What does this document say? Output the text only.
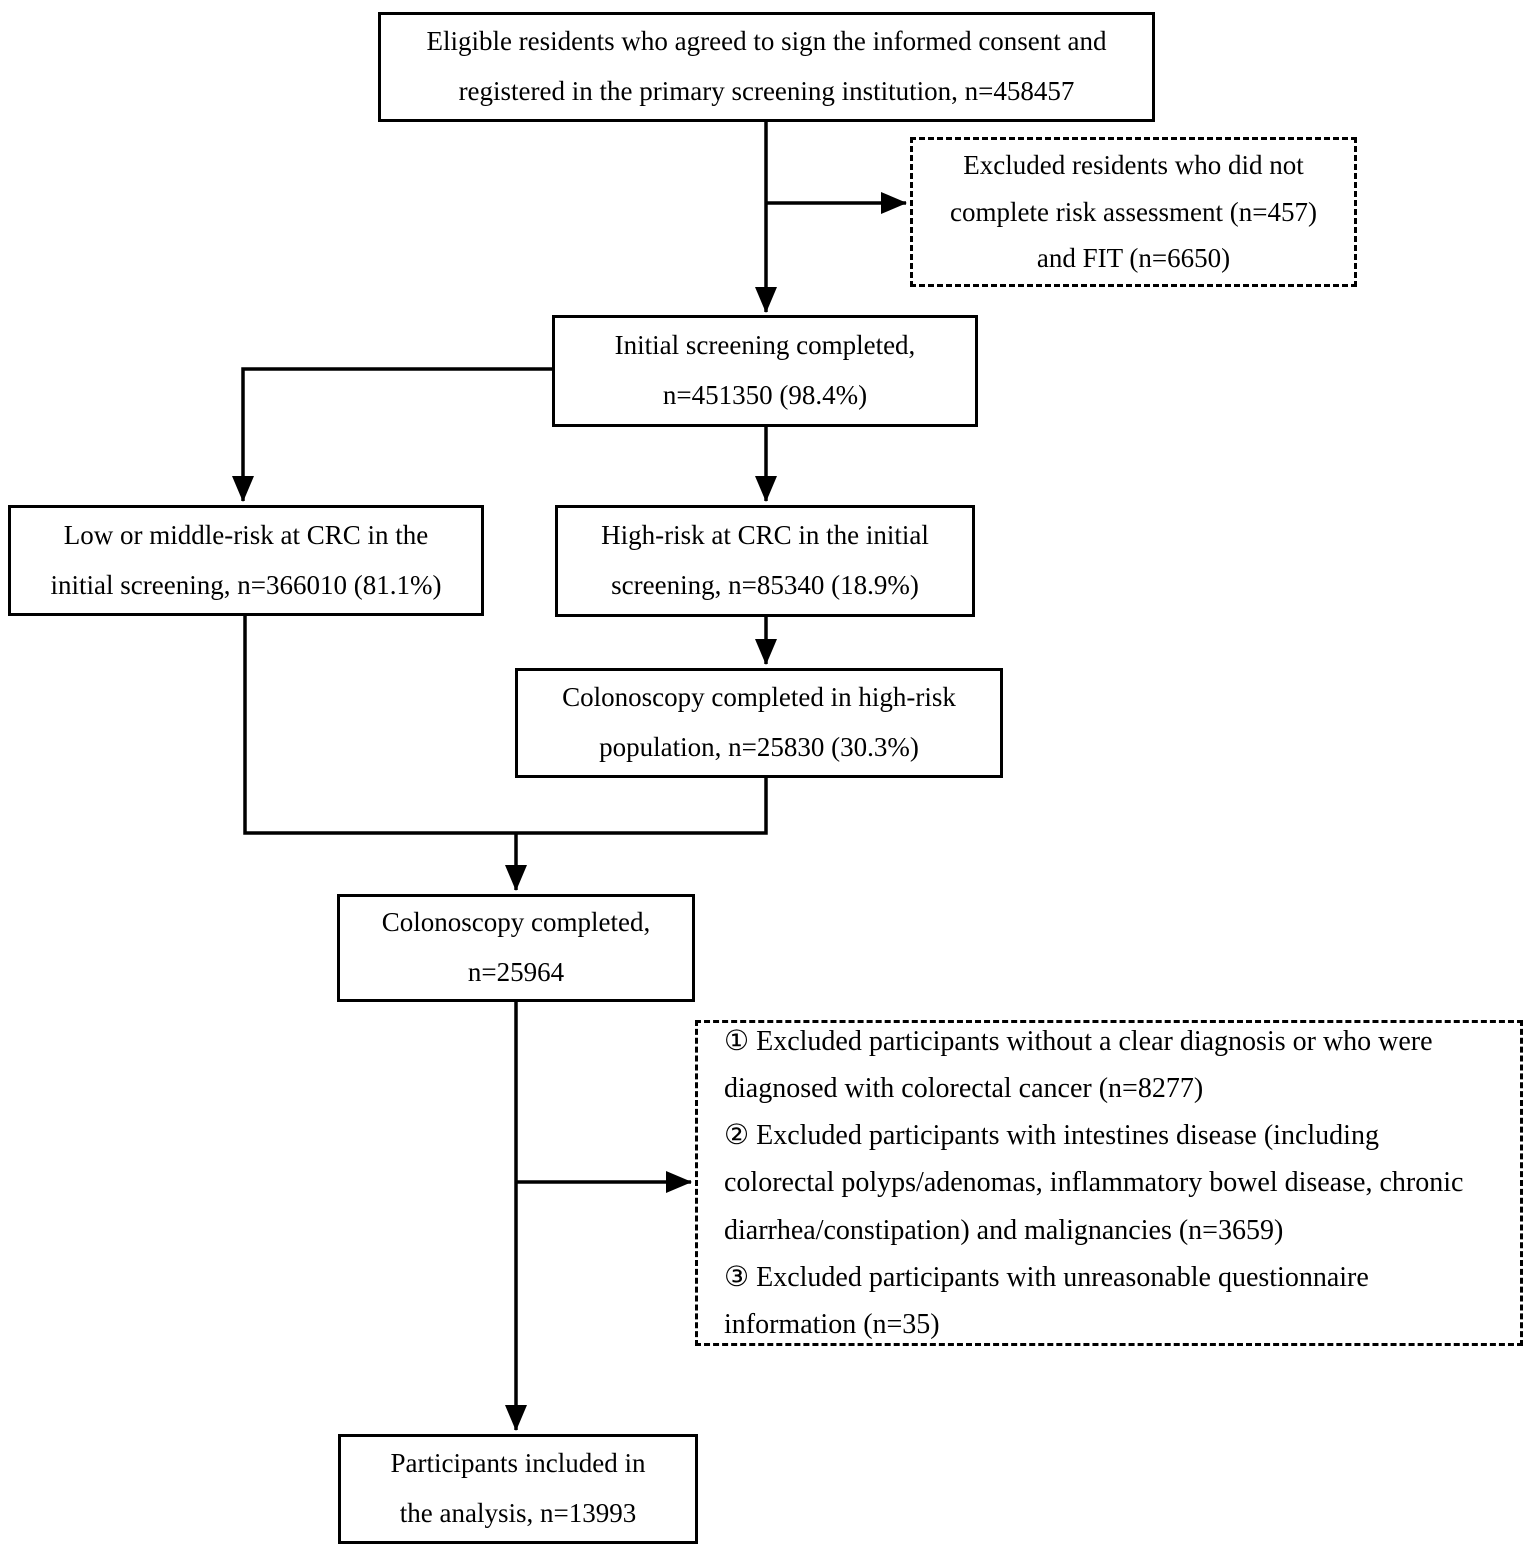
Eligible residents who agreed to sign the informed consent and
registered in the primary screening institution, n=458457
Excluded residents who did not
complete risk assessment (n=457)
and FIT (n=6650)
Initial screening completed,
n=451350 (98.4%)
Low or middle-risk at CRC in the
initial screening, n=366010 (81.1%)
High-risk at CRC in the initial
screening, n=85340 (18.9%)
Colonoscopy completed in high-risk
population, n=25830 (30.3%)
Colonoscopy completed,
n=25964

① Excluded participants without a clear diagnosis or who were diagnosed with colorectal cancer (n=8277)

② Excluded participants with intestines disease (including colorectal polyps/adenomas, inflammatory bowel disease, chronic diarrhea/constipation) and malignancies (n=3659)

③ Excluded participants with unreasonable questionnaire information (n=35)

Participants included in
the analysis, n=13993
